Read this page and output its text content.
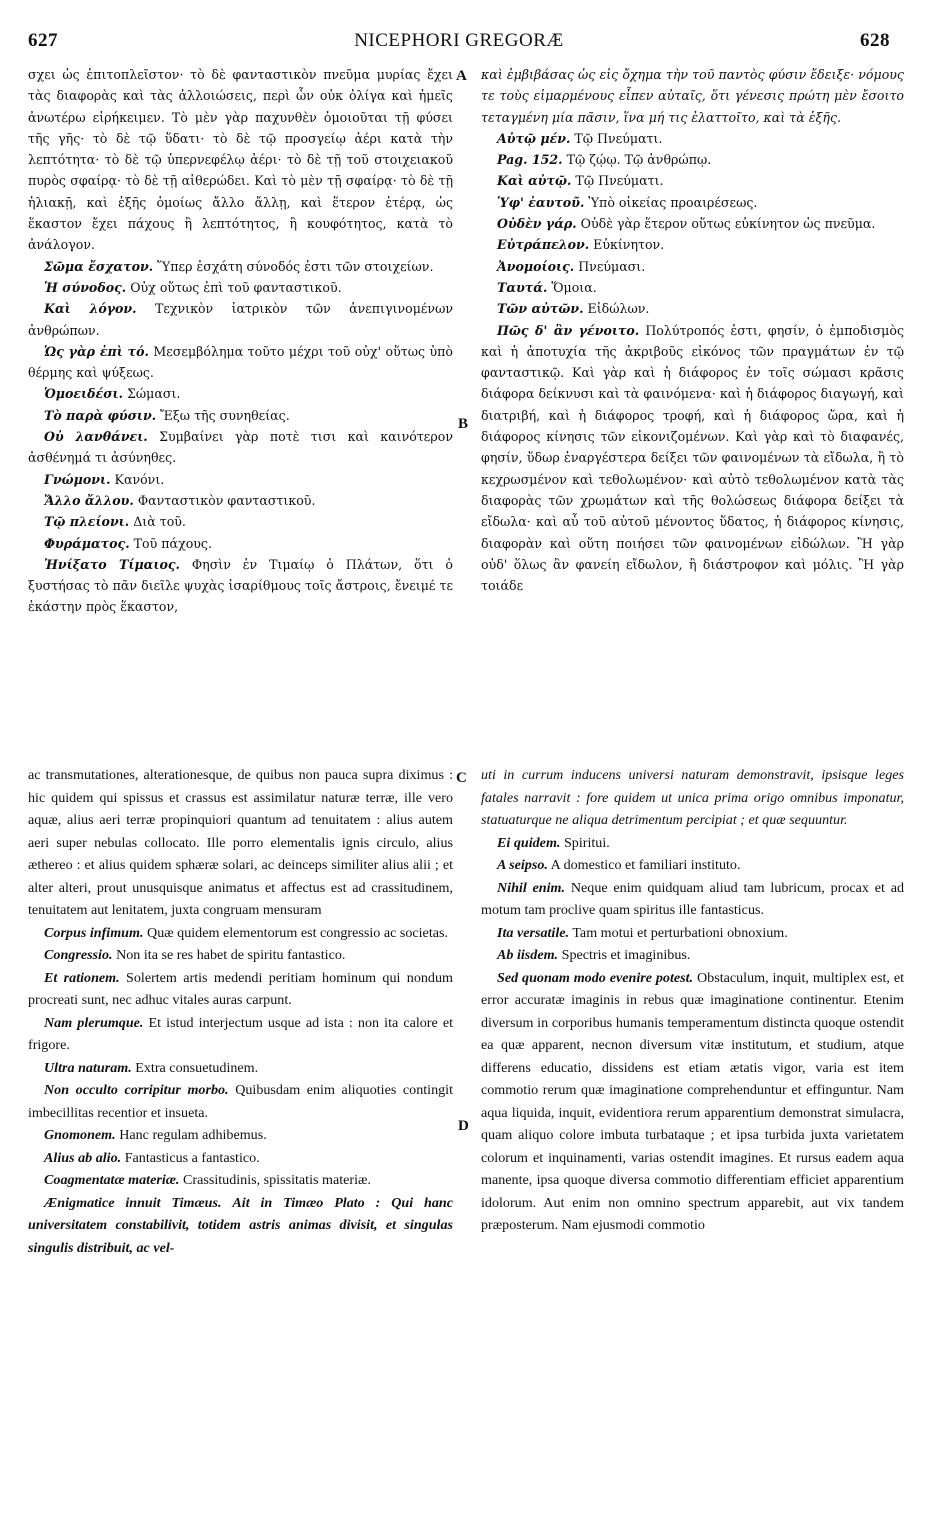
627	NICEPHORI GREGORÆ	628

σχει ὡς ἐπιτοπλεῖστον· τὸ δὲ φανταστικὸν πνεῦμα μυρίας ἔχει τὰς διαφορὰς καὶ τὰς ἀλλοιώσεις, περὶ ὧν οὐκ ὀλίγα καὶ ἡμεῖς ἀνωτέρω εἰρήκειμεν. Τὸ μὲν γὰρ παχυνθὲν ὁμοιοῦται τῇ φύσει τῆς γῆς· τὸ δὲ τῷ ὕδατι· τὸ δὲ τῷ προσγείῳ ἀέρι κατὰ τὴν λεπτότητα· τὸ δὲ τῷ ὑπερνεφέλῳ ἀέρι· τὸ δὲ τῇ τοῦ στοιχειακοῦ πυρὸς σφαίρᾳ· τὸ δὲ τῇ αἰθερώδει. Καὶ τὸ μὲν τῇ σφαίρᾳ· τὸ δὲ τῇ ἡλιακῇ, καὶ ἑξῆς ὁμοίως ἄλλο ἄλλῃ, καὶ ἕτερον ἑτέρᾳ, ὡς ἕκαστον ἔχει πάχους ἢ λεπτότητος, ἢ κουφότητος, κατὰ τὸ ἀνάλογον.

Σῶμα ἔσχατον. Ὕπερ ἐσχάτη σύνοδός ἐστι τῶν στοιχείων.

Ἡ σύνοδος. Οὐχ οὕτως ἐπὶ τοῦ φανταστικοῦ.

Καὶ λόγον. Τεχνικὸν ἰατρικὸν τῶν ἀνεπιγινομένων ἀνθρώπων.

Ὡς γὰρ ἐπὶ τό. Μεσεμβόλημα τοῦτο μέχρι τοῦ οὐχ' οὕτως ὑπὸ θέρμης καὶ ψύξεως.

Ὁμοειδέσι. Σώμασι.

Τὸ παρὰ φύσιν. Ἔξω τῆς συνηθείας.

Οὐ λανθάνει. Συμβαίνει γὰρ ποτὲ τισι καὶ καινότερον ἀσθένημά τι ἀσύνηθες.

Γνώμονι. Κανόνι.

Ἄλλο ἄλλου. Φανταστικὸν φανταστικοῦ.

Τῷ πλείονι. Διὰ τοῦ.

Φυράματος. Τοῦ πάχους.

Ἠνίξατο Τίμαιος. Φησὶν ἐν Τιμαίῳ ὁ Πλάτων, ὅτι ὁ ξυστήσας τὸ πᾶν διεῖλε ψυχὰς ἰσαρίθμους τοῖς ἄστροις, ἔνειμέ τε ἑκάστην πρὸς ἕκαστον,

καὶ ἐμβιβάσας ὡς εἰς ὄχημα τὴν τοῦ παντὸς φύσιν ἔδειξε· νόμους τε τοὺς εἱμαρμένους εἶπεν αὐταῖς, ὅτι γένεσις πρώτη μὲν ἔσοιτο τεταγμένη μία πᾶσιν, ἵνα μή τις ἐλαττοῖτο, καὶ τὰ ἑξῆς.

Αὐτῷ μέν. Τῷ Πνεύματι.

Pag. 152. Τῷ ζῴῳ. Τῷ ἀνθρώπῳ.

Καὶ αὐτῷ. Τῷ Πνεύματι.

Ὑφ' ἑαυτοῦ. Ὑπὸ οἰκείας προαιρέσεως.

Οὐδὲν γάρ. Οὐδὲ γὰρ ἕτερον οὕτως εὐκίνητον ὡς πνεῦμα.

Εὐτράπελον. Εὐκίνητον.

Ἀνομοίοις. Πνεύμασι.

Ταυτά. Ὅμοια.

Τῶν αὐτῶν. Εἰδώλων.

Πῶς δ' ἂν γένοιτο. Πολύτροπός ἐστι, φησίν, ὁ ἐμποδισμὸς καὶ ἡ ἀποτυχία τῆς ἀκριβοῦς εἰκόνος τῶν πραγμάτων ἐν τῷ φανταστικῷ. Καὶ γὰρ καὶ ἡ διάφορος ἐν τοῖς σώμασι κρᾶσις διάφορα δείκνυσι καὶ τὰ φαινόμενα· καὶ ἡ διάφορος διαγωγή, καὶ διατριβή, καὶ ἡ διάφορος τροφή, καὶ ἡ διάφορος ὥρα, καὶ ἡ διάφορος κίνησις τῶν εἰκονιζομένων. Καὶ γὰρ καὶ τὸ διαφανές, φησίν, ὕδωρ ἐναργέστερα δείξει τῶν φαινομένων τὰ εἴδωλα, ἢ τὸ κεχρωσμένον καὶ τεθολωμένον· καὶ αὐτὸ τεθολωμένον κατὰ τὰς διαφορὰς τῶν χρωμάτων καὶ τῆς θολώσεως διάφορα δείξει τὰ εἴδωλα· καὶ αὖ τοῦ αὐτοῦ μένοντος ὕδατος, ἡ διάφορος κίνησις, διαφορὰν καὶ οὕτη ποιήσει τῶν φαινομένων εἰδώλων. Ἢ γὰρ οὐδ' ὅλως ἂν φανείη εἴδωλον, ἢ διάστροφον καὶ μόλις. Ἢ γὰρ τοιάδε

ac transmutationes, alterationesque, de quibus non pauca supra diximus : hic quidem qui spissus et crassus est assimilatur naturæ terræ, ille vero aquæ, alius aeri terræ propinquiori quantum ad tenuitatem : alius autem aeri super nebulas collocato. Ille porro elementalis ignis circulo, alius æthereo : et alius quidem sphæræ solari, ac deinceps similiter alius alii ; et alter alteri, prout unusquisque animatus et affectus est ad crassitudinem, tenuitatem aut lenitatem, juxta congruam mensuram

Corpus infimum. Quæ quidem elementorum est congressio ac societas.

Congressio. Non ita se res habet de spiritu fantastico.

Et rationem. Solertem artis medendi peritiam hominum qui nondum procreati sunt, nec adhuc vitales auras carpunt.

Nam plerumque. Et istud interjectum usque ad ista : non ita calore et frigore.

Ultra naturam. Extra consuetudinem.

Non occulto corripitur morbo. Quibusdam enim aliquoties contingit imbecillitas recentior et insueta.

Gnomonem. Hanc regulam adhibemus.

Alius ab alio. Fantasticus a fantastico.

Coagmentatæ materiæ. Crassitudinis, spissitatis materiæ.

Ænigmatice innuit Timæus. Ait in Timæo Plato : Qui hanc universitatem constabilivit, totidem astris animas divisit, et singulas singulis distribuit, ac vel-

uti in currum inducens universi naturam demonstravit, ipsisque leges fatales narravit : fore quidem ut unica prima origo omnibus imponatur, statuaturque ne aliqua detrimentum percipiat ; et quæ sequuntur.

Ei quidem. Spiritui.

A seipso. A domestico et familiari instituto.

Nihil enim. Neque enim quidquam aliud tam lubricum, procax et ad motum tam proclive quam spiritus ille fantasticus.

Ita versatile. Tam motui et perturbationi obnoxium.

Ab iisdem. Spectris et imaginibus.

Sed quonam modo evenire potest. Obstaculum, inquit, multiplex est, et error accuratæ imaginis in rebus quæ imaginatione continentur. Etenim diversum in corporibus humanis temperamentum distincta quoque ostendit ea quæ apparent, necnon diversum vitæ institutum, et studium, atque differens educatio, dissidens est etiam ætatis vigor, varia est item commotio rerum quæ imaginatione comprehenduntur et effinguntur. Nam aqua liquida, inquit, evidentiora rerum apparentium demonstrat simulacra, quam aliquo colore imbuta turbataque ; et ipsa turbida juxta varietatem colorum et inquinamenti, varias ostendit imagines. Et rursus eadem aqua manente, ipsa quoque diversa commotio differentiam efficiet apparentium idolorum. Aut enim non omnino spectrum apparebit, aut vix tandem præposterum. Nam ejusmodi commotio

A
B
C
D
